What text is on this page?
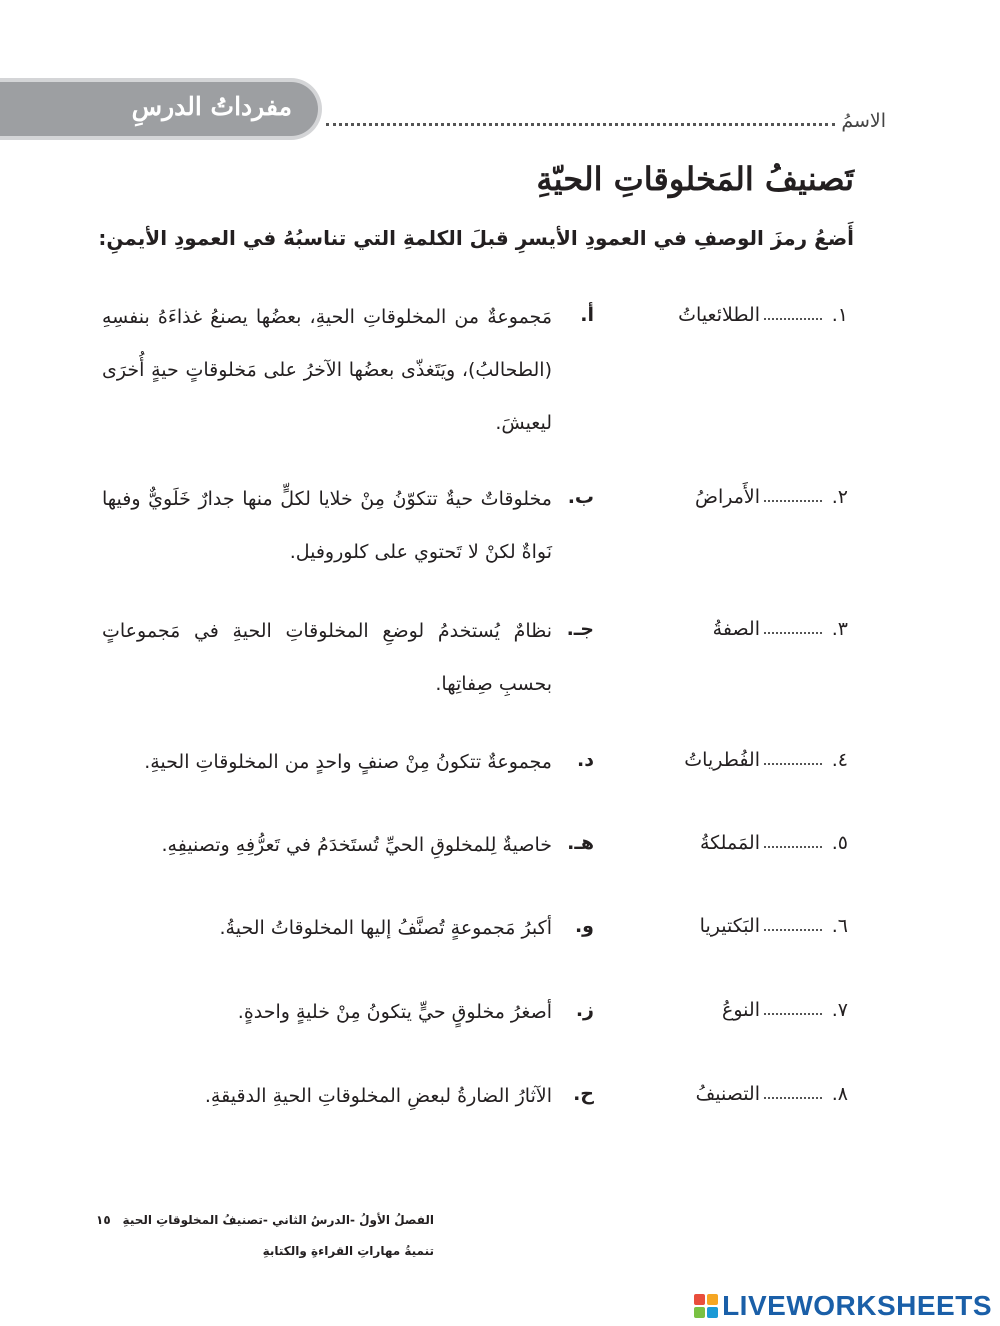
مفرداتُ الدرسِ	الاسمُ
تَصنيفُ المَخلوقاتِ الحيّةِ
أَضعُ رمزَ الوصفِ في العمودِ الأيسرِ قبلَ الكلمةِ التي تناسبُهُ في العمودِ الأيمنِ:
١.
الطلائعياتُ
٢.
الأَمراضُ
٣.
الصفةُ
٤.
الفُطرياتُ
٥.
المَملكةُ
٦.
البَكتيريا
٧.
النوعُ
٨.
التصنيفُ
أ.
مَجموعةٌ من المخلوقاتِ الحيةِ، بعضُها يصنعُ غذاءَهُ بنفسِهِ (الطحالبُ)، ويَتَغذّى بعضُها الآخرُ على مَخلوقاتٍ حيةٍ أُخرَى ليعيشَ.
ب.
مخلوقاتٌ حيةٌ تتكوّنُ مِنْ خلايا لكلٍّ منها جدارٌ خَلَويٌّ وفيها نَواةٌ لكنْ لا تَحتوي على كلوروفيل.
جـ.
نظامٌ يُستخدمُ لوضعِ المخلوقاتِ الحيةِ في مَجموعاتٍ بحسبِ صِفاتِها.
د.
مجموعةٌ تتكونُ مِنْ صنفٍ واحدٍ من المخلوقاتِ الحيةِ.
هـ.
خاصيةٌ لِلمخلوقِ الحيِّ تُستَخدَمُ في تَعرُّفِهِ وتصنيفِهِ.
و.
أكبرُ مَجموعةٍ تُصنَّفُ إليها المخلوقاتُ الحيةُ.
ز.
أصغرُ مخلوقٍ حيٍّ يتكونُ مِنْ خليةٍ واحدةٍ.
ح.
الآثارُ الضارةُ لبعضِ المخلوقاتِ الحيةِ الدقيقةِ.
الفصلُ الأولُ -الدرسُ الثاني -تصنيفُ المخلوقاتِ الحيةِ
١٥
تنميةُ مهاراتِ القراءةِ والكتابةِ
LIVEWORKSHEETS
